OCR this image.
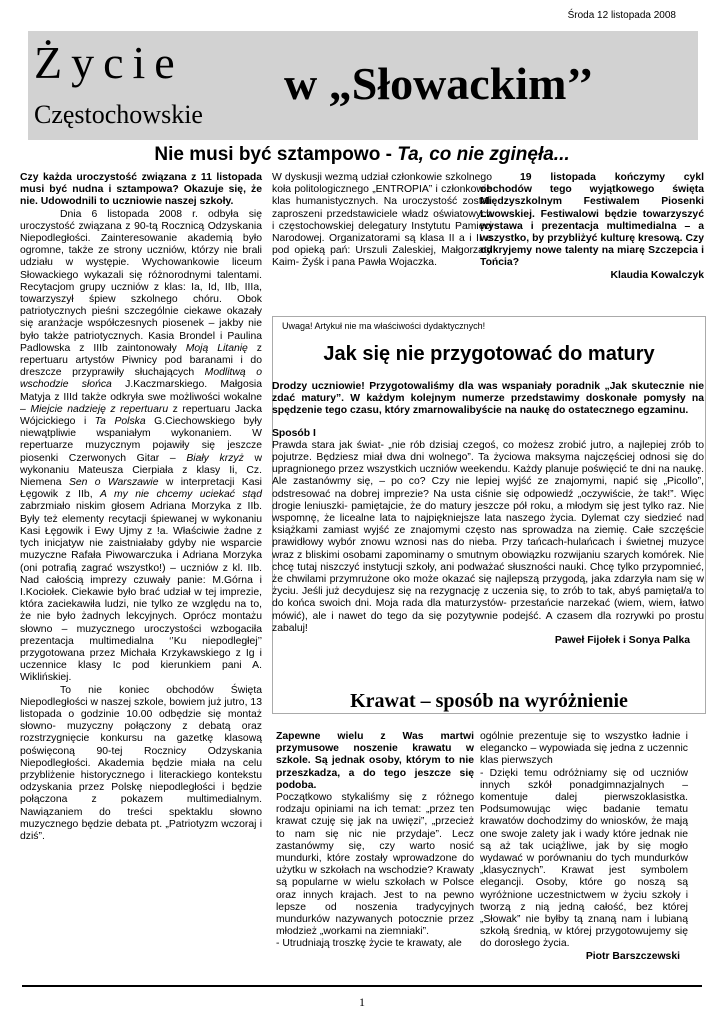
Środa 12 listopada 2008
Życie
Częstochowskie
w „Słowackim’’
Nie musi być sztampowo - Ta, co nie zginęła...

Czy każda uroczystość związana z 11 listopada musi być nudna i sztampowa? Okazuje się, że nie. Udowodnili to uczniowie naszej szkoły.

Dnia 6 listopada 2008 r. odbyła się uroczystość związana z 90-tą Rocznicą Odzyskania Niepodległości. Zainteresowanie akademią było ogromne, także ze strony uczniów, którzy nie brali udziału w występie. Wychowankowie liceum Słowackiego wykazali się różnorodnymi talentami. Recytacjom grupy uczniów z klas: Ia, Id, IIb, IIIa, towarzyszył śpiew szkolnego chóru. Obok patriotycznych pieśni szczególnie ciekawe okazały się aranżacje współczesnych piosenek – jakby nie było także patriotycznych. Kasia Brondel i Paulina Padlowska z IIIb zaintonowały Moją Litanię z repertuaru artystów Piwnicy pod baranami i do dreszcze przyprawiły słuchających Modlitwą o wschodzie słońca J.Kaczmarskiego. Małgosia Matyja z IIId także odkryła swe możliwości wokalne – Miejcie nadzieję z repertuaru z repertuaru Jacka Wójcickiego i Ta Polska G.Ciechowskiego były niewątpliwie wspaniałym wykonaniem. W repertuarze muzycznym pojawiły się jeszcze piosenki Czerwonych Gitar – Biały krzyż w wykonaniu Mateusza Cierpiała z klasy Ii, Cz. Niemena Sen o Warszawie w interpretacji Kasi Łęgowik z IIb, A my nie chcemy uciekać stąd zabrzmiało niskim głosem Adriana Morzyka z IIb. Były też elementy recytacji śpiewanej w wykonaniu Kasi Łęgowik i Ewy Ujmy z !a. Właściwie żadne z tych inicjatyw nie zaistniałaby gdyby nie wsparcie muzyczne Rafała Piwowarczuka i Adriana Morzyka (oni potrafią zagrać wszystko!) – uczniów z kl. IIb. Nad całością imprezy czuwały panie: M.Górna i I.Kociołek. Ciekawie było brać udział w tej imprezie, która zaciekawiła ludzi, nie tylko ze względu na to, że nie było żadnych lekcyjnych. Oprócz montażu słowno – muzycznego uroczystości wzbogaciła prezentacja multimedialna ‘’Ku niepodległej’’ przygotowana przez Michała Krzykawskiego z Ig i uczennice klasy Ic pod kierunkiem pani A. Wiklińskiej.

To nie koniec obchodów Święta Niepodległości w naszej szkole, bowiem już jutro, 13 listopada o godzinie 10.00 odbędzie się montaż słowno- muzyczny połączony z debatą oraz rozstrzygnięcie konkursu na gazetkę klasową poświęconą 90-tej Rocznicy Odzyskania Niepodległości. Akademia będzie miała na celu przybliżenie historycznego i literackiego kontekstu odzyskania przez Polskę niepodległości i będzie połączona z pokazem multimedialnym. Nawiązaniem do treści spektaklu słowno muzycznego będzie debata pt. „Patriotyzm wczoraj i dziś”.

W dyskusji wezmą udział członkowie szkolnego koła politologicznego „ENTROPIA” i członkowie klas humanistycznych. Na uroczystość zostali zaproszeni przedstawiciele władz oświatowych i częstochowskiej delegatury Instytutu Pamięci Narodowej. Organizatorami są klasa II a i II e pod opieką pań: Urszuli Zaleskiej, Małgorzaty Kaim- Żyśk i pana Pawła Wojaczka.

19 listopada kończymy cykl obchodów tego wyjątkowego święta Międzyszkolnym Festiwalem Piosenki Lwowskiej. Festiwalowi będzie towarzyszyć wystawa i prezentacja multimedialna – a wszystko, by przybliżyć kulturę kresową. Czy odkryjemy nowe talenty na miarę Szczepcia i Tońcia?

Klaudia Kowalczyk

Uwaga! Artykuł nie ma właściwości dydaktycznych!
Jak się nie przygotować do matury

Drodzy uczniowie! Przygotowaliśmy dla was wspaniały poradnik „Jak skutecznie nie zdać matury”. W każdym kolejnym numerze przedstawimy doskonałe pomysły na spędzenie tego czasu, który zmarnowalibyście na naukę do ostatecznego egzaminu.

Sposób I

Prawda stara jak świat- „nie rób dzisiaj czegoś, co możesz zrobić jutro, a najlepiej zrób to pojutrze. Będziesz miał dwa dni wolnego”. Ta życiowa maksyma najczęściej odnosi się do upragnionego przez wszystkich uczniów weekendu. Każdy planuje poświęcić te dni na naukę. Ale zastanówmy się, – po co? Czy nie lepiej wyjść ze znajomymi, napić się „Picollo”, odstresować na dobrej imprezie? Na usta ciśnie się odpowiedź „oczywiście, że tak!”. Więc drogie leniuszki- pamiętajcie, że do matury jeszcze pół roku, a młodym się jest tylko raz. Nie wspomnę, że licealne lata to najpiękniejsze lata naszego życia. Dylemat czy siedzieć nad książkami zamiast wyjść ze znajomymi często nas sprowadza na ziemię. Całe szczęście prawidłowy wybór znowu wznosi nas do nieba. Przy tańcach-hulańcach i świetnej muzyce wraz z bliskimi osobami zapominamy o smutnym obowiązku rozwijaniu szarych komórek. Nie chcę tutaj niszczyć instytucji szkoły, ani podważać słuszności nauki. Chcę tylko przypomnieć, że chwilami przymrużone oko może okazać się najlepszą przygodą, jaka zdarzyła nam się w życiu. Jeśli już decydujesz się na rezygnację z uczenia się, to zrób to tak, abyś pamiętał/a to do końca swoich dni. Moja rada dla maturzystów- przestańcie narzekać (wiem, wiem, łatwo mówić), ale i nawet do tego da się pozytywnie podejść. A czasem dla rozrywki po prostu zabaluj!

Paweł Fijołek i Sonya Palka

Krawat – sposób na wyróżnienie

Zapewne wielu z Was martwi przymusowe noszenie krawatu w szkole. Są jednak osoby, którym to nie przeszkadza, a do tego jeszcze się podoba.

Początkowo stykaliśmy się z różnego rodzaju opiniami na ich temat: „przez ten krawat czuję się jak na uwięzi”, „przecież to nam się nic nie przydaje”. Lecz zastanówmy się, czy warto nosić mundurki, które zostały wprowadzone do użytku w szkołach na wschodzie? Krawaty są popularne w wielu szkołach w Polsce oraz innych krajach. Jest to na pewno lepsze od noszenia tradycyjnych mundurków nazywanych potocznie przez młodzież „workami na ziemniaki”.

- Utrudniają troszkę życie te krawaty, ale

ogólnie prezentuje się to wszystko ładnie i elegancko – wypowiada się jedna z uczennic klas pierwszych
- Dzięki temu odróżniamy się od uczniów innych szkół ponadgimnazjalnych – komentuje dalej pierwszoklasistka. Podsumowując więc badanie tematu krawatów dochodzimy do wniosków, że mają one swoje zalety jak i wady które jednak nie są aż tak uciążliwe, jak by się mogło wydawać w porównaniu do tych mundurków „klasycznych”. Krawat jest symbolem elegancji. Osoby, które go noszą są wyróżnione uczestnictwem w życiu szkoły i tworzą z nią jedną całość, bez której „Słowak” nie byłby tą znaną nam i lubianą szkołą średnią, w której przygotowujemy się do dorosłego życia.

Piotr Barszczewski

1
